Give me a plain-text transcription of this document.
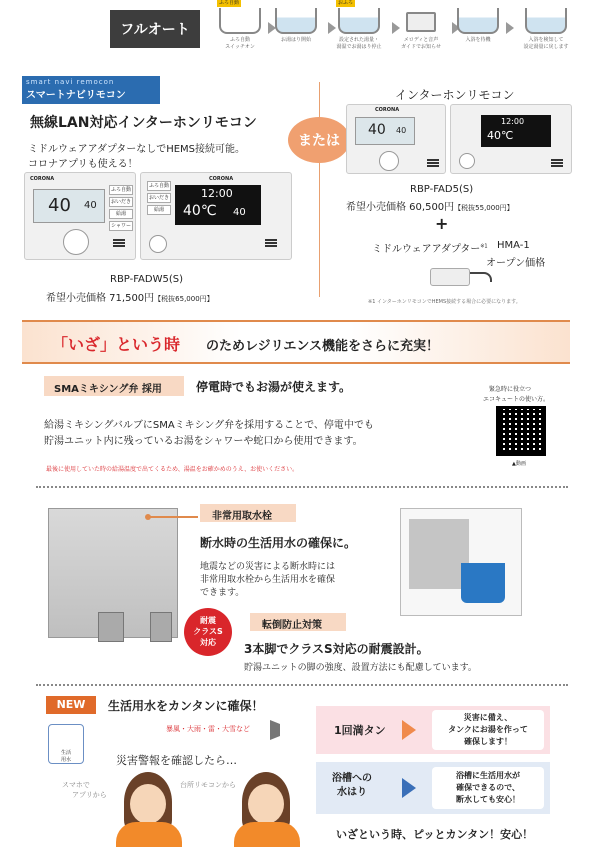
フルオート
ふろ自動
ふろ自動
スイッチオン
お湯はり開始
おふろ
設定された湯量・
湯温でお湯はり停止
メロディと音声
ガイドでお知らせ
入浴を待機	入浴を検知して
設定湯量に戻します
smart navi remocon
スマートナビリモコン
無線LAN対応インターホンリモコン
ミドルウェアアダプターなしでHEMS接続可能。
コロナアプリも使える！
CORONA
40 40
ふろ自動
おいだき
給湯
シャワー
CORONA
ふろ自動
おいだき
給湯
12:00
40℃ 40
RBP-FADW5(S)
希望小売価格 71,500円【税抜65,000円】
または
インターホンリモコン
CORONA
40 40
12:00
40℃
RBP-FAD5(S)
希望小売価格 60,500円【税抜55,000円】
+
ミドルウェアアダプター$^{※1}$ HMA-1
オープン価格
※1 インターホンリモコンでHEMS接続する場合に必要になります。
「いざ」という時 のためレジリエンス機能をさらに充実！
SMAミキシング弁 採用	停電時でもお湯が使えます。
給湯ミキシングバルブにSMAミキシング弁を採用することで、停電中でも
貯湯ユニット内に残っているお湯をシャワーや蛇口から使用できます。
最後に使用していた時の給湯温度で出てくるため、湯温をお確かめのうえ、お使いください。
緊急時に役立つ
エコキュートの使い方。
▲動画
非常用取水栓
断水時の生活用水の確保に。
地震などの災害による断水時には
非常用取水栓から生活用水を確保
できます。
耐震
クラスS
対応
転倒防止対策
3本脚でクラスS対応の耐震設計。
貯湯ユニットの脚の強度、設置方法にも配慮しています。
NEW	生活用水をカンタンに確保！
生活
用水
暴風・大雨・雷・大雪など
災害警報を確認したら…
スマホで
アプリから
台所リモコンから
1回満タン
災害に備え、
タンクにお湯を作って
確保します！
浴槽への
水はり
浴槽に生活用水が
確保できるので、
断水しても安心！
いざという時、ピッとカンタン！安心！
